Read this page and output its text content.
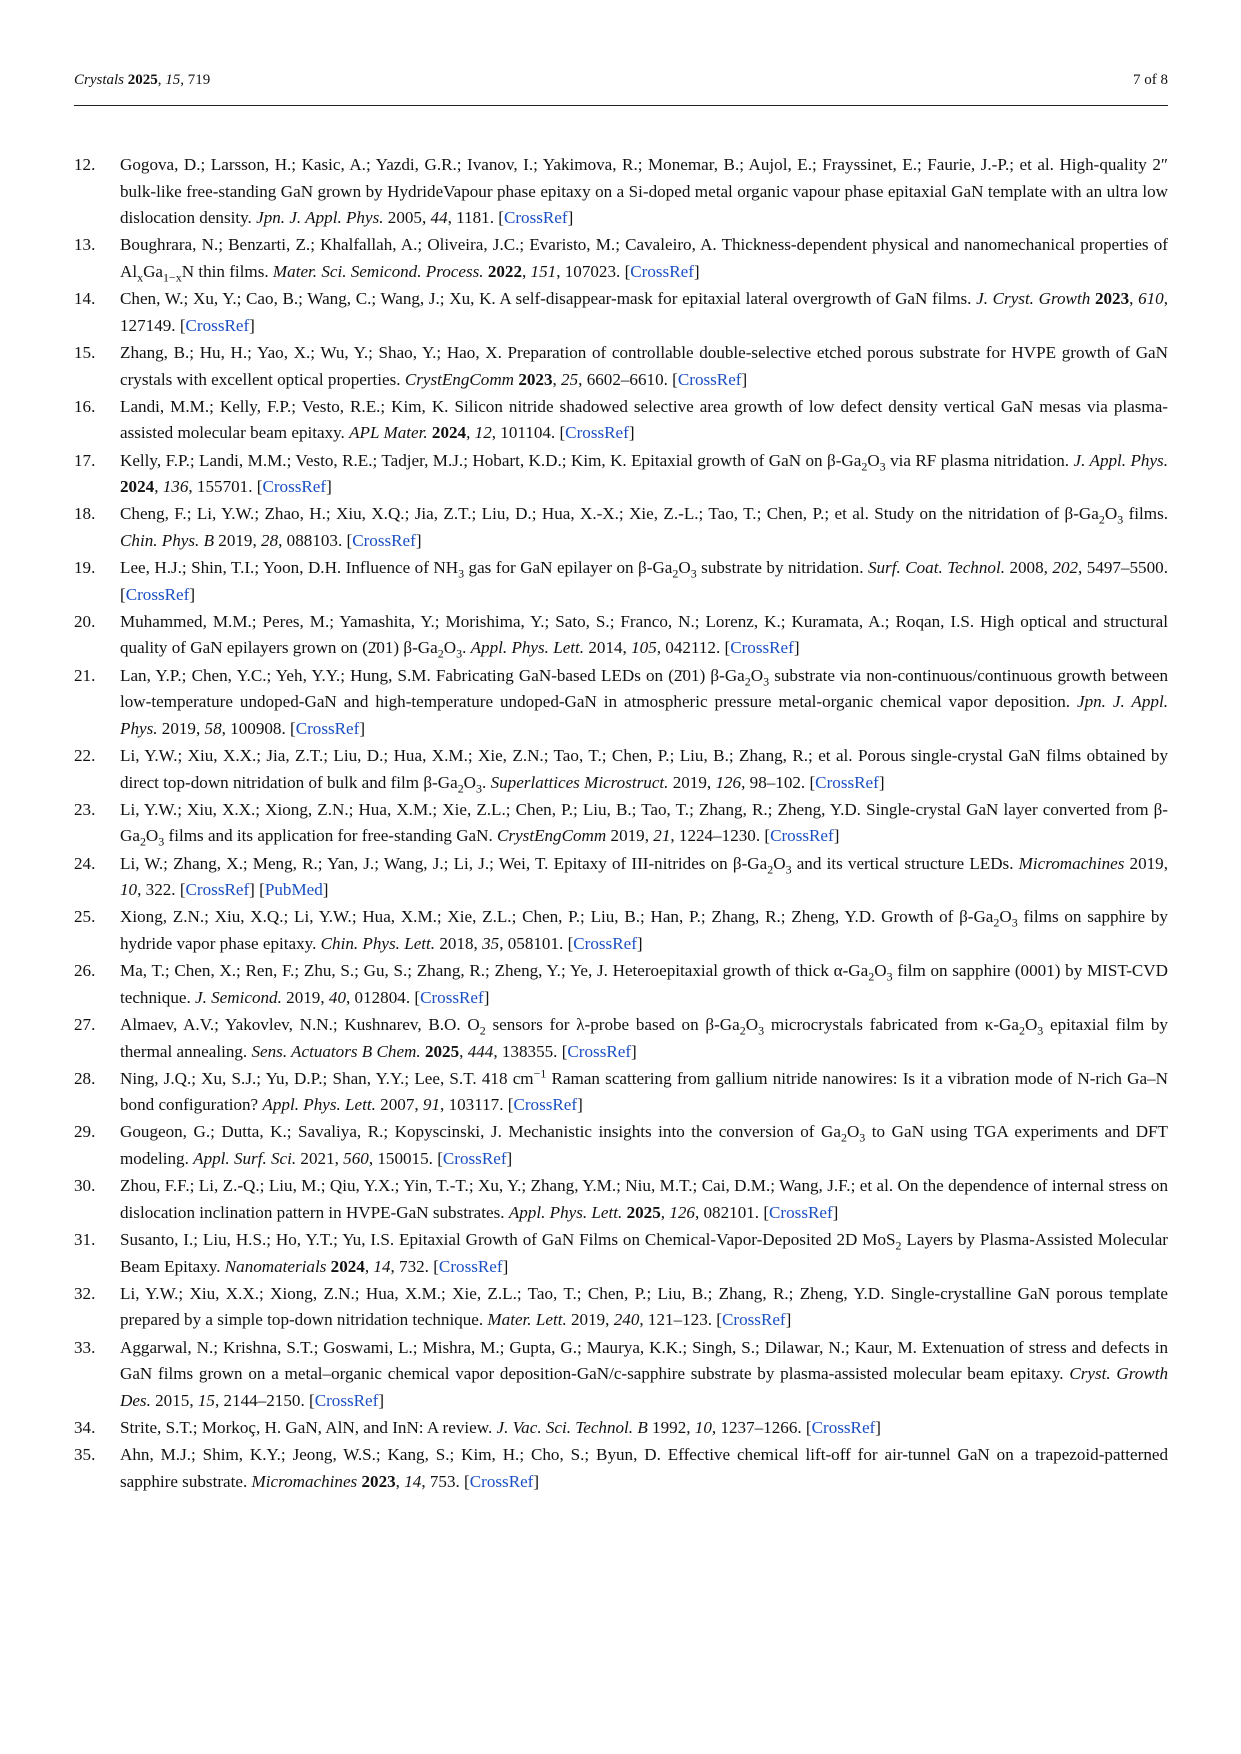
Crystals 2025, 15, 719	7 of 8
12. Gogova, D.; Larsson, H.; Kasic, A.; Yazdi, G.R.; Ivanov, I.; Yakimova, R.; Monemar, B.; Aujol, E.; Frayssinet, E.; Faurie, J.-P.; et al. High-quality 2″ bulk-like free-standing GaN grown by HydrideVapour phase epitaxy on a Si-doped metal organic vapour phase epitaxial GaN template with an ultra low dislocation density. Jpn. J. Appl. Phys. 2005, 44, 1181. [CrossRef]
13. Boughrara, N.; Benzarti, Z.; Khalfallah, A.; Oliveira, J.C.; Evaristo, M.; Cavaleiro, A. Thickness-dependent physical and nanomechanical properties of $Al_xGa_{1-x}N$ thin films. Mater. Sci. Semicond. Process. 2022, 151, 107023. [CrossRef]
14. Chen, W.; Xu, Y.; Cao, B.; Wang, C.; Wang, J.; Xu, K. A self-disappear-mask for epitaxial lateral overgrowth of GaN films. J. Cryst. Growth 2023, 610, 127149. [CrossRef]
15. Zhang, B.; Hu, H.; Yao, X.; Wu, Y.; Shao, Y.; Hao, X. Preparation of controllable double-selective etched porous substrate for HVPE growth of GaN crystals with excellent optical properties. CrystEngComm 2023, 25, 6602–6610. [CrossRef]
16. Landi, M.M.; Kelly, F.P.; Vesto, R.E.; Kim, K. Silicon nitride shadowed selective area growth of low defect density vertical GaN mesas via plasma-assisted molecular beam epitaxy. APL Mater. 2024, 12, 101104. [CrossRef]
17. Kelly, F.P.; Landi, M.M.; Vesto, R.E.; Tadjer, M.J.; Hobart, K.D.; Kim, K. Epitaxial growth of GaN on $\beta-Ga_2O_3$ via RF plasma nitridation. J. Appl. Phys. 2024, 136, 155701. [CrossRef]
18. Cheng, F.; Li, Y.W.; Zhao, H.; Xiu, X.Q.; Jia, Z.T.; Liu, D.; Hua, X.-X.; Xie, Z.-L.; Tao, T.; Chen, P.; et al. Study on the nitridation of $\beta-Ga_2O_3$ films. Chin. Phys. B 2019, 28, 088103. [CrossRef]
19. Lee, H.J.; Shin, T.I.; Yoon, D.H. Influence of $NH_3$ gas for GaN epilayer on $\beta-Ga_2O_3$ substrate by nitridation. Surf. Coat. Technol. 2008, 202, 5497–5500. [CrossRef]
20. Muhammed, M.M.; Peres, M.; Yamashita, Y.; Morishima, Y.; Sato, S.; Franco, N.; Lorenz, K.; Kuramata, A.; Roqan, I.S. High optical and structural quality of GaN epilayers grown on (2̄01) $\beta-Ga_2O_3$. Appl. Phys. Lett. 2014, 105, 042112. [CrossRef]
21. Lan, Y.P.; Chen, Y.C.; Yeh, Y.Y.; Hung, S.M. Fabricating GaN-based LEDs on (2̄01) $\beta-Ga_2O_3$ substrate via non-continuous/continuous growth between low-temperature undoped-GaN and high-temperature undoped-GaN in atmospheric pressure metal-organic chemical vapor deposition. Jpn. J. Appl. Phys. 2019, 58, 100908. [CrossRef]
22. Li, Y.W.; Xiu, X.X.; Jia, Z.T.; Liu, D.; Hua, X.M.; Xie, Z.N.; Tao, T.; Chen, P.; Liu, B.; Zhang, R.; et al. Porous single-crystal GaN films obtained by direct top-down nitridation of bulk and film $\beta-Ga_2O_3$. Superlattices Microstruct. 2019, 126, 98–102. [CrossRef]
23. Li, Y.W.; Xiu, X.X.; Xiong, Z.N.; Hua, X.M.; Xie, Z.L.; Chen, P.; Liu, B.; Tao, T.; Zhang, R.; Zheng, Y.D. Single-crystal GaN layer converted from $\beta-Ga_2O_3$ films and its application for free-standing GaN. CrystEngComm 2019, 21, 1224–1230. [CrossRef]
24. Li, W.; Zhang, X.; Meng, R.; Yan, J.; Wang, J.; Li, J.; Wei, T. Epitaxy of III-nitrides on $\beta-Ga_2O_3$ and its vertical structure LEDs. Micromachines 2019, 10, 322. [CrossRef] [PubMed]
25. Xiong, Z.N.; Xiu, X.Q.; Li, Y.W.; Hua, X.M.; Xie, Z.L.; Chen, P.; Liu, B.; Han, P.; Zhang, R.; Zheng, Y.D. Growth of $\beta-Ga_2O_3$ films on sapphire by hydride vapor phase epitaxy. Chin. Phys. Lett. 2018, 35, 058101. [CrossRef]
26. Ma, T.; Chen, X.; Ren, F.; Zhu, S.; Gu, S.; Zhang, R.; Zheng, Y.; Ye, J. Heteroepitaxial growth of thick $\alpha-Ga_2O_3$ film on sapphire (0001) by MIST-CVD technique. J. Semicond. 2019, 40, 012804. [CrossRef]
27. Almaev, A.V.; Yakovlev, N.N.; Kushnarev, B.O. $O_2$ sensors for λ-probe based on $\beta-Ga_2O_3$ microcrystals fabricated from $\kappa-Ga_2O_3$ epitaxial film by thermal annealing. Sens. Actuators B Chem. 2025, 444, 138355. [CrossRef]
28. Ning, J.Q.; Xu, S.J.; Yu, D.P.; Shan, Y.Y.; Lee, S.T. 418 $cm^{-1}$ Raman scattering from gallium nitride nanowires: Is it a vibration mode of N-rich Ga–N bond configuration? Appl. Phys. Lett. 2007, 91, 103117. [CrossRef]
29. Gougeon, G.; Dutta, K.; Savaliya, R.; Kopyscinski, J. Mechanistic insights into the conversion of $Ga_2O_3$ to GaN using TGA experiments and DFT modeling. Appl. Surf. Sci. 2021, 560, 150015. [CrossRef]
30. Zhou, F.F.; Li, Z.-Q.; Liu, M.; Qiu, Y.X.; Yin, T.-T.; Xu, Y.; Zhang, Y.M.; Niu, M.T.; Cai, D.M.; Wang, J.F.; et al. On the dependence of internal stress on dislocation inclination pattern in HVPE-GaN substrates. Appl. Phys. Lett. 2025, 126, 082101. [CrossRef]
31. Susanto, I.; Liu, H.S.; Ho, Y.T.; Yu, I.S. Epitaxial Growth of GaN Films on Chemical-Vapor-Deposited 2D MoS$_2$ Layers by Plasma-Assisted Molecular Beam Epitaxy. Nanomaterials 2024, 14, 732. [CrossRef]
32. Li, Y.W.; Xiu, X.X.; Xiong, Z.N.; Hua, X.M.; Xie, Z.L.; Tao, T.; Chen, P.; Liu, B.; Zhang, R.; Zheng, Y.D. Single-crystalline GaN porous template prepared by a simple top-down nitridation technique. Mater. Lett. 2019, 240, 121–123. [CrossRef]
33. Aggarwal, N.; Krishna, S.T.; Goswami, L.; Mishra, M.; Gupta, G.; Maurya, K.K.; Singh, S.; Dilawar, N.; Kaur, M. Extenuation of stress and defects in GaN films grown on a metal–organic chemical vapor deposition-GaN/c-sapphire substrate by plasma-assisted molecular beam epitaxy. Cryst. Growth Des. 2015, 15, 2144–2150. [CrossRef]
34. Strite, S.T.; Morkoç, H. GaN, AlN, and InN: A review. J. Vac. Sci. Technol. B 1992, 10, 1237–1266. [CrossRef]
35. Ahn, M.J.; Shim, K.Y.; Jeong, W.S.; Kang, S.; Kim, H.; Cho, S.; Byun, D. Effective chemical lift-off for air-tunnel GaN on a trapezoid-patterned sapphire substrate. Micromachines 2023, 14, 753. [CrossRef]
